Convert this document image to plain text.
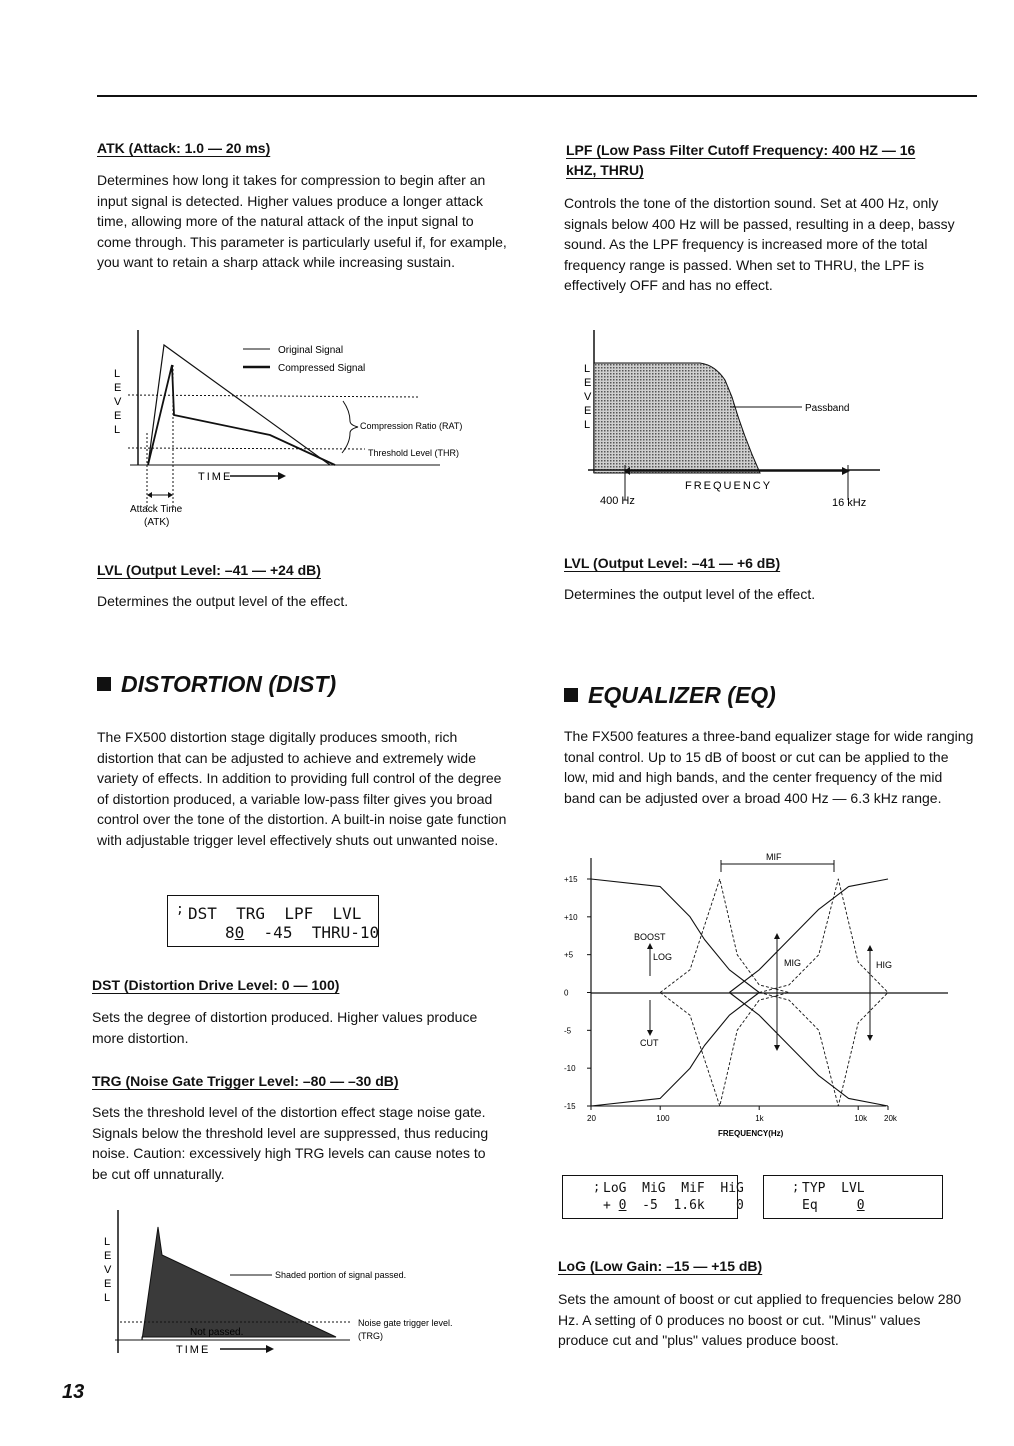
ATK (Attack: 1.0 — 20 ms)
Determines how long it takes for compression to begin after an input signal is detected. Higher values produce a longer attack time, allowing more of the natural attack of the input signal to come through. This parameter is particularly useful if, for example, you want to retain a sharp attack while increasing sustain.
L
E
V
E
L
Original Signal
Compressed Signal
Compression Ratio (RAT)
Threshold Level (THR)
TIME
Attack Time
(ATK)
LVL (Output Level: –41 — +24 dB)
Determines the output level of the effect.
DISTORTION (DIST)
The FX500 distortion stage digitally produces smooth, rich distortion that can be adjusted to achieve and extremely wide variety of effects. In addition to providing full control of the degree of distortion produced, a variable low-pass filter gives you broad control over the tone of the distortion. A built-in noise gate function with adjustable trigger level effectively shuts out unwanted noise.
; DST  TRG  LPF  LVL
80  -45  THRU-10
DST (Distortion Drive Level: 0 — 100)
Sets the degree of distortion produced. Higher values produce more distortion.
TRG (Noise Gate Trigger Level: –80 — –30 dB)
Sets the threshold level of the distortion effect stage noise gate. Signals below the threshold level are suppressed, thus reducing noise. Caution: excessively high TRG levels can cause notes to be cut off unnaturally.
L
E
V
E
L
Shaded portion of signal passed.
Noise gate trigger level.
(TRG)
Not passed.
TIME
LPF (Low Pass Filter Cutoff Frequency: 400 HZ — 16
kHZ, THRU)
Controls the tone of the distortion sound. Set at 400 Hz, only signals below 400 Hz will be passed, resulting in a deep, bassy sound. As the LPF frequency is increased more of the total frequency range is passed. When set to THRU, the LPF is effectively OFF and has no effect.
L
E
V
E
L
Passband
FREQUENCY
400 Hz	16 kHz
LVL (Output Level: –41 — +6 dB)
Determines the output level of the effect.
EQUALIZER (EQ)
The FX500 features a three-band equalizer stage for wide ranging tonal control. Up to 15 dB of boost or cut can be applied to the low, mid and high bands, and the center frequency of the mid band can be adjusted over a broad 400 Hz — 6.3 kHz range.
+15
+10
+5
0
-5
-10
-15
20	100	1k	10k 20k
MIF
BOOST
LOG
CUT
MIG	HIG
FREQUENCY(Hz)
; LoG  MiG  MiF  HiG
+ 0  -5  1.6k    0
; TYP  LVL
Eq     0
LoG (Low Gain: –15 — +15 dB)
Sets the amount of boost or cut applied to frequencies below 280 Hz. A setting of 0 produces no boost or cut. "Minus" values produce cut and "plus" values produce boost.
13
